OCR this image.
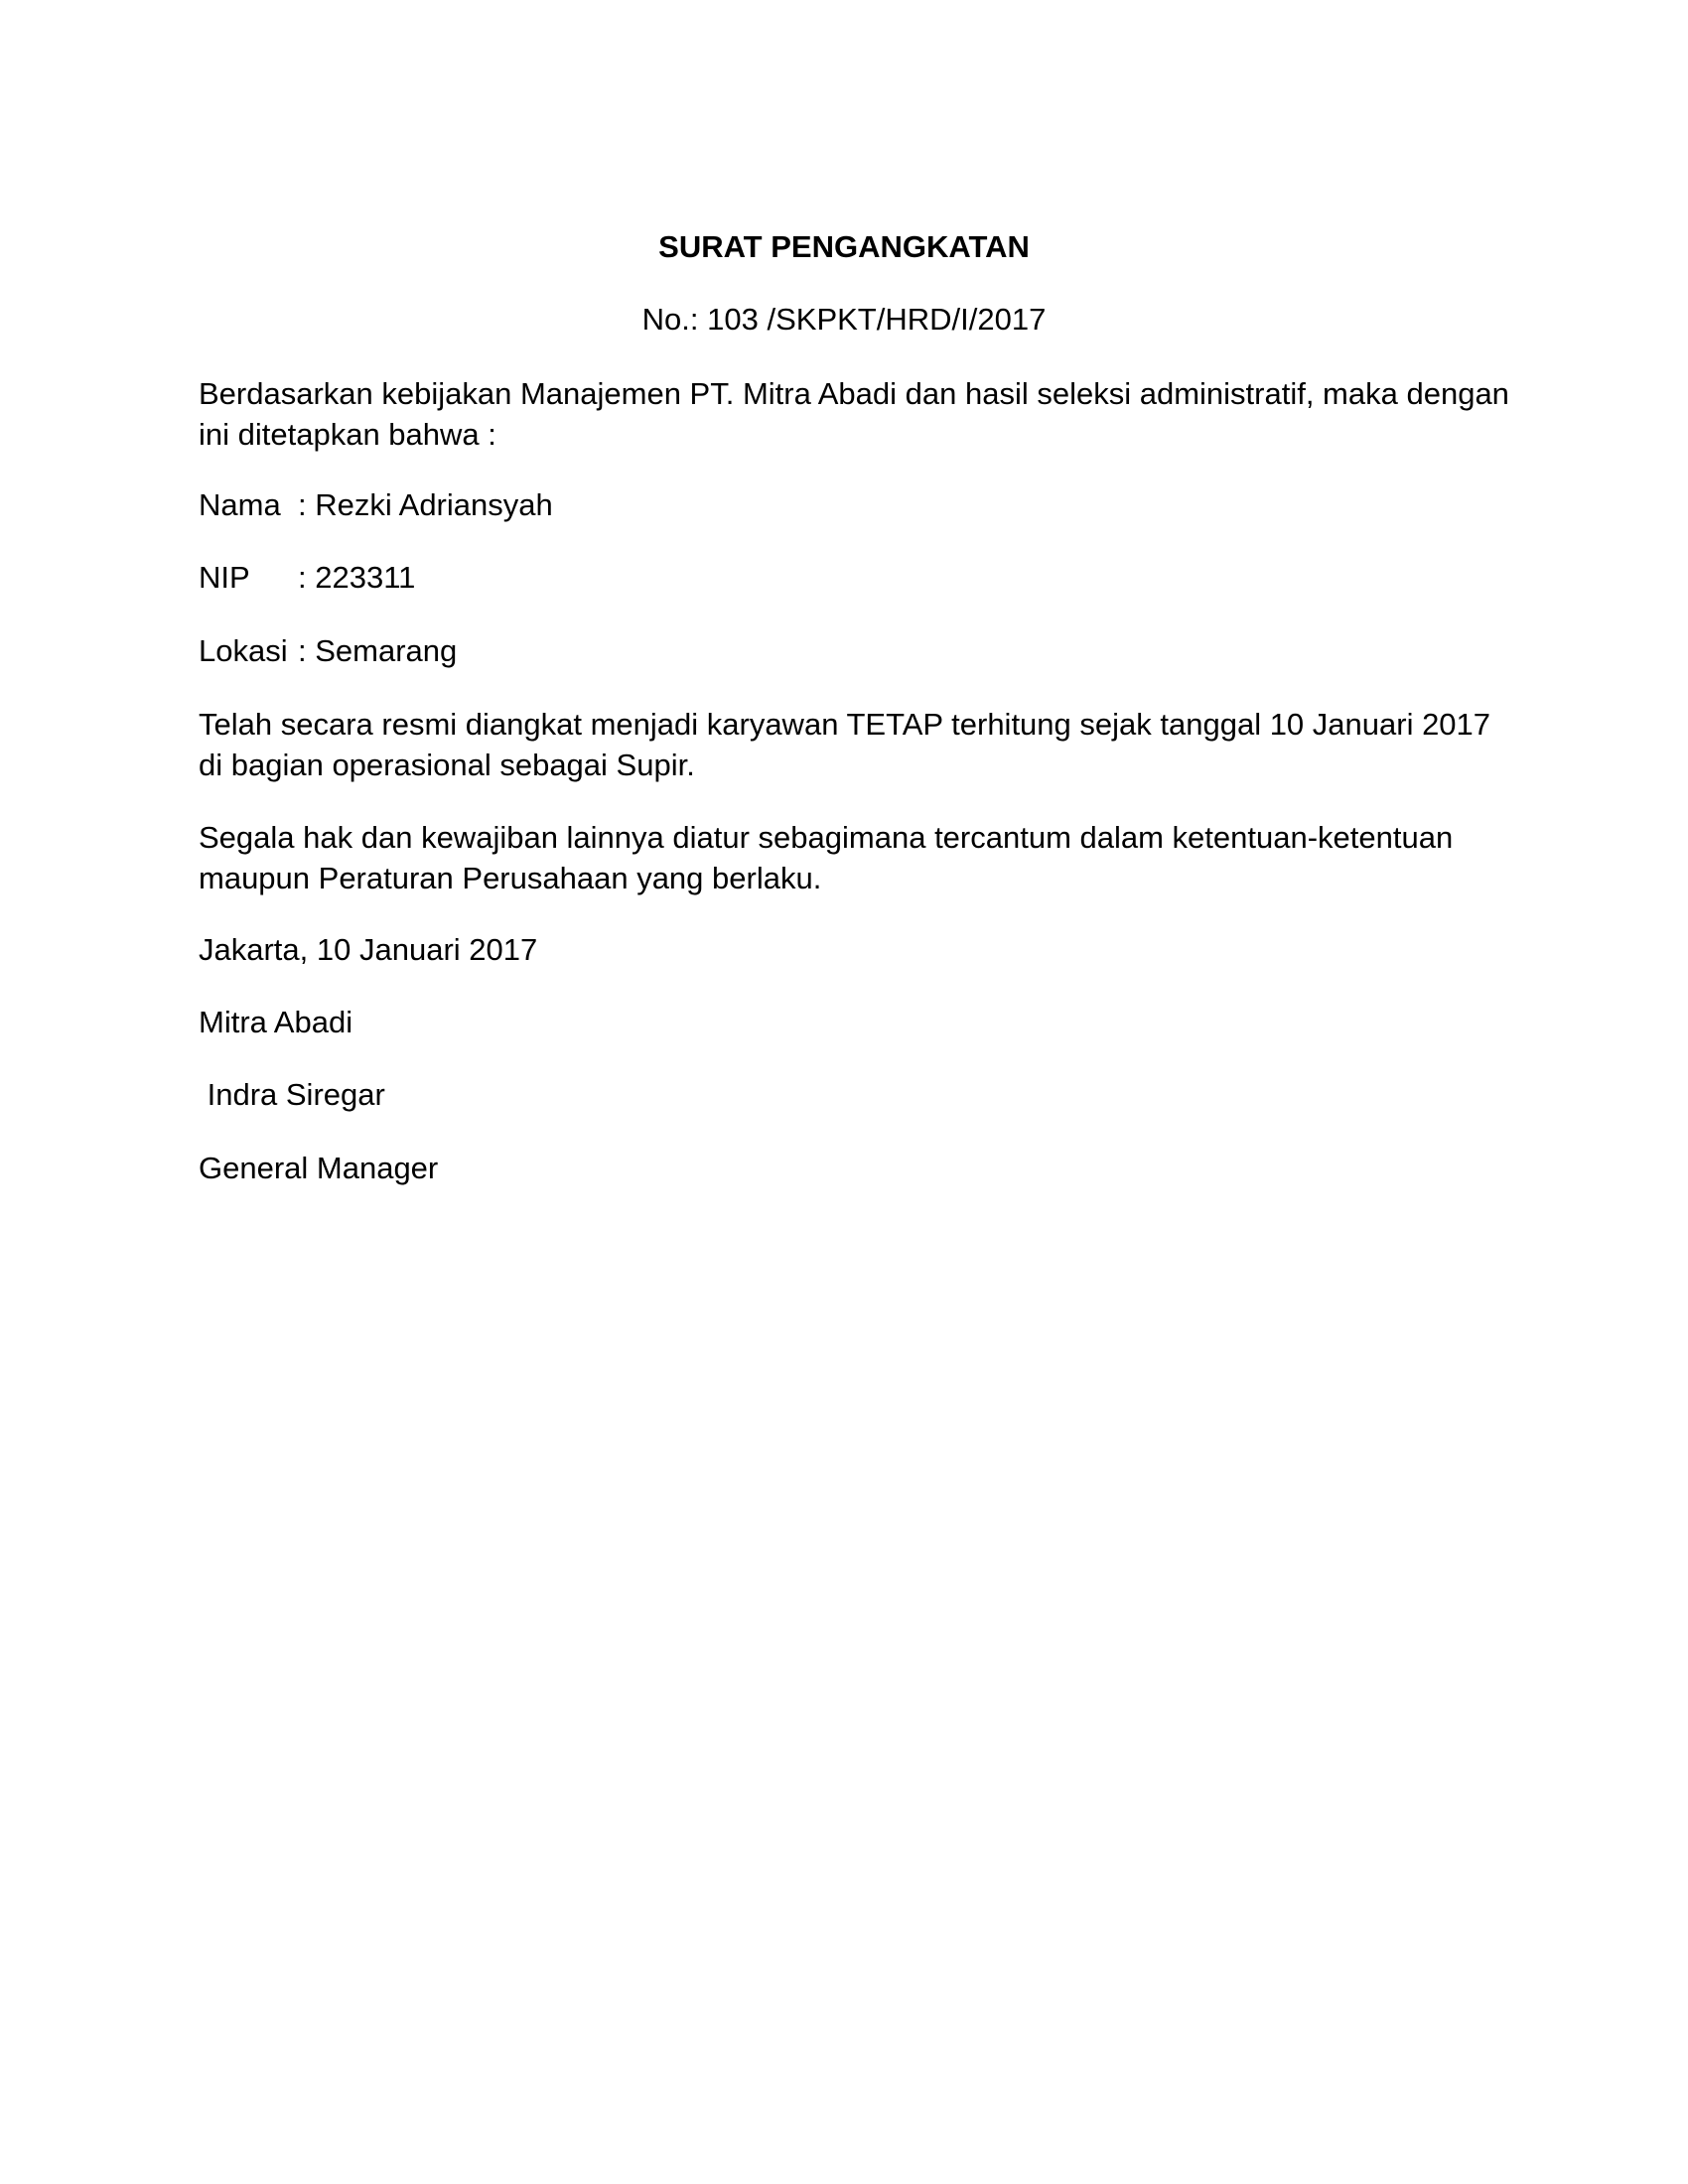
SURAT PENGANGKATAN
No.: 103 /SKPKT/HRD/I/2017
Berdasarkan kebijakan Manajemen PT. Mitra Abadi dan hasil seleksi administratif, maka dengan ini ditetapkan bahwa :
Nama : Rezki Adriansyah
NIP : 223311
Lokasi : Semarang
Telah secara resmi diangkat menjadi karyawan TETAP terhitung sejak tanggal 10 Januari 2017 di bagian operasional sebagai Supir.
Segala hak dan kewajiban lainnya diatur sebagimana tercantum dalam ketentuan-ketentuan maupun Peraturan Perusahaan yang berlaku.
Jakarta, 10 Januari 2017
Mitra Abadi
Indra Siregar
General Manager
